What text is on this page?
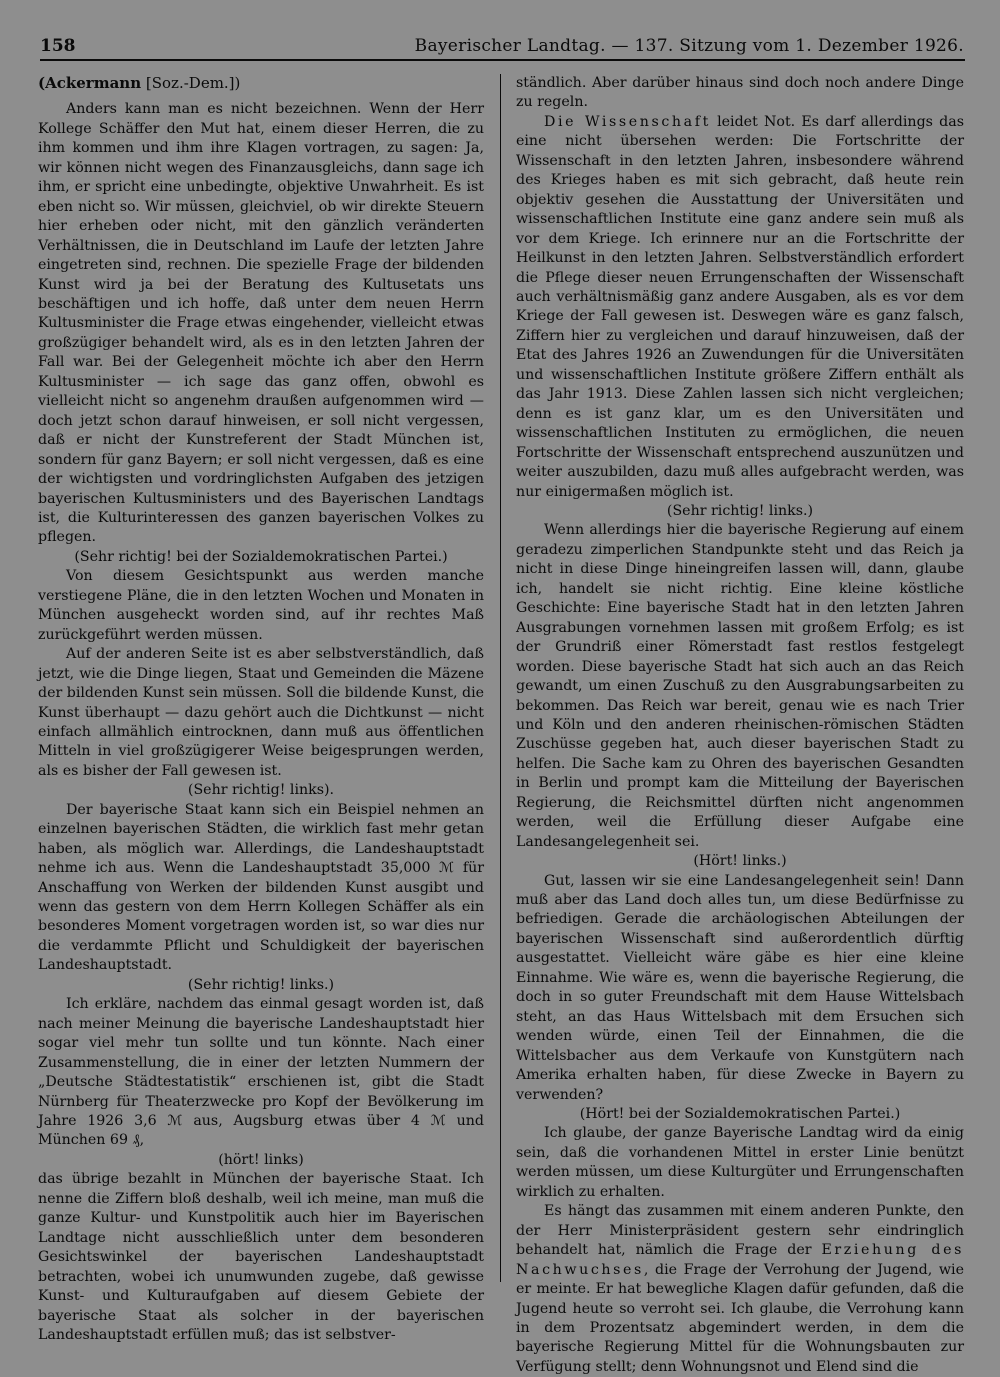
158	Bayerischer Landtag. — 137. Sitzung vom 1. Dezember 1926.

(Ackermann [Soz.-Dem.])

Anders kann man es nicht bezeichnen. Wenn der Herr Kollege Schäffer den Mut hat, einem dieser Herren, die zu ihm kommen und ihm ihre Klagen vortragen, zu sagen: Ja, wir können nicht wegen des Finanzausgleichs, dann sage ich ihm, er spricht eine unbedingte, objektive Unwahrheit. Es ist eben nicht so. Wir müssen, gleichviel, ob wir direkte Steuern hier erheben oder nicht, mit den gänzlich veränderten Verhältnissen, die in Deutschland im Laufe der letzten Jahre eingetreten sind, rechnen. Die spezielle Frage der bildenden Kunst wird ja bei der Beratung des Kultusetats uns beschäftigen und ich hoffe, daß unter dem neuen Herrn Kultusminister die Frage etwas eingehender, vielleicht etwas großzügiger behandelt wird, als es in den letzten Jahren der Fall war. Bei der Gelegenheit möchte ich aber den Herrn Kultusminister — ich sage das ganz offen, obwohl es vielleicht nicht so angenehm draußen aufgenommen wird — doch jetzt schon darauf hinweisen, er soll nicht vergessen, daß er nicht der Kunstreferent der Stadt München ist, sondern für ganz Bayern; er soll nicht vergessen, daß es eine der wichtigsten und vordringlichsten Aufgaben des jetzigen bayerischen Kultusministers und des Bayerischen Landtags ist, die Kulturinteressen des ganzen bayerischen Volkes zu pflegen.

(Sehr richtig! bei der Sozialdemokratischen Partei.)

Von diesem Gesichtspunkt aus werden manche verstiegene Pläne, die in den letzten Wochen und Monaten in München ausgeheckt worden sind, auf ihr rechtes Maß zurückgeführt werden müssen.

Auf der anderen Seite ist es aber selbstverständlich, daß jetzt, wie die Dinge liegen, Staat und Gemeinden die Mäzene der bildenden Kunst sein müssen. Soll die bildende Kunst, die Kunst überhaupt — dazu gehört auch die Dichtkunst — nicht einfach allmählich eintrocknen, dann muß aus öffentlichen Mitteln in viel großzügigerer Weise beigesprungen werden, als es bisher der Fall gewesen ist.

(Sehr richtig! links).

Der bayerische Staat kann sich ein Beispiel nehmen an einzelnen bayerischen Städten, die wirklich fast mehr getan haben, als möglich war. Allerdings, die Landeshauptstadt nehme ich aus. Wenn die Landeshauptstadt 35,000 ℳ für Anschaffung von Werken der bildenden Kunst ausgibt und wenn das gestern von dem Herrn Kollegen Schäffer als ein besonderes Moment vorgetragen worden ist, so war dies nur die verdammte Pflicht und Schuldigkeit der bayerischen Landeshauptstadt.

(Sehr richtig! links.)

Ich erkläre, nachdem das einmal gesagt worden ist, daß nach meiner Meinung die bayerische Landeshauptstadt hier sogar viel mehr tun sollte und tun könnte. Nach einer Zusammenstellung, die in einer der letzten Nummern der „Deutsche Städtestatistik“ erschienen ist, gibt die Stadt Nürnberg für Theaterzwecke pro Kopf der Bevölkerung im Jahre 1926 3,6 ℳ aus, Augsburg etwas über 4 ℳ und München 69 ₰,

(hört! links)

das übrige bezahlt in München der bayerische Staat. Ich nenne die Ziffern bloß deshalb, weil ich meine, man muß die ganze Kultur- und Kunstpolitik auch hier im Bayerischen Landtage nicht ausschließlich unter dem besonderen Gesichtswinkel der bayerischen Landeshauptstadt betrachten, wobei ich unumwunden zugebe, daß gewisse Kunst- und Kulturaufgaben auf diesem Gebiete der bayerische Staat als solcher in der bayerischen Landeshauptstadt erfüllen muß; das ist selbstver-

ständlich. Aber darüber hinaus sind doch noch andere Dinge zu regeln.

Die Wissenschaft leidet Not. Es darf allerdings das eine nicht übersehen werden: Die Fortschritte der Wissenschaft in den letzten Jahren, insbesondere während des Krieges haben es mit sich gebracht, daß heute rein objektiv gesehen die Ausstattung der Universitäten und wissenschaftlichen Institute eine ganz andere sein muß als vor dem Kriege. Ich erinnere nur an die Fortschritte der Heilkunst in den letzten Jahren. Selbstverständlich erfordert die Pflege dieser neuen Errungenschaften der Wissenschaft auch verhältnismäßig ganz andere Ausgaben, als es vor dem Kriege der Fall gewesen ist. Deswegen wäre es ganz falsch, Ziffern hier zu vergleichen und darauf hinzuweisen, daß der Etat des Jahres 1926 an Zuwendungen für die Universitäten und wissenschaftlichen Institute größere Ziffern enthält als das Jahr 1913. Diese Zahlen lassen sich nicht vergleichen; denn es ist ganz klar, um es den Universitäten und wissenschaftlichen Instituten zu ermöglichen, die neuen Fortschritte der Wissenschaft entsprechend auszunützen und weiter auszubilden, dazu muß alles aufgebracht werden, was nur einigermaßen möglich ist.

(Sehr richtig! links.)

Wenn allerdings hier die bayerische Regierung auf einem geradezu zimperlichen Standpunkte steht und das Reich ja nicht in diese Dinge hineingreifen lassen will, dann, glaube ich, handelt sie nicht richtig. Eine kleine köstliche Geschichte: Eine bayerische Stadt hat in den letzten Jahren Ausgrabungen vornehmen lassen mit großem Erfolg; es ist der Grundriß einer Römerstadt fast restlos festgelegt worden. Diese bayerische Stadt hat sich auch an das Reich gewandt, um einen Zuschuß zu den Ausgrabungsarbeiten zu bekommen. Das Reich war bereit, genau wie es nach Trier und Köln und den anderen rheinischen-römischen Städten Zuschüsse gegeben hat, auch dieser bayerischen Stadt zu helfen. Die Sache kam zu Ohren des bayerischen Gesandten in Berlin und prompt kam die Mitteilung der Bayerischen Regierung, die Reichsmittel dürften nicht angenommen werden, weil die Erfüllung dieser Aufgabe eine Landesangelegenheit sei.

(Hört! links.)

Gut, lassen wir sie eine Landesangelegenheit sein! Dann muß aber das Land doch alles tun, um diese Bedürfnisse zu befriedigen. Gerade die archäologischen Abteilungen der bayerischen Wissenschaft sind außerordentlich dürftig ausgestattet. Vielleicht wäre gäbe es hier eine kleine Einnahme. Wie wäre es, wenn die bayerische Regierung, die doch in so guter Freundschaft mit dem Hause Wittelsbach steht, an das Haus Wittelsbach mit dem Ersuchen sich wenden würde, einen Teil der Einnahmen, die die Wittelsbacher aus dem Verkaufe von Kunstgütern nach Amerika erhalten haben, für diese Zwecke in Bayern zu verwenden?

(Hört! bei der Sozialdemokratischen Partei.)

Ich glaube, der ganze Bayerische Landtag wird da einig sein, daß die vorhandenen Mittel in erster Linie benützt werden müssen, um diese Kulturgüter und Errungenschaften wirklich zu erhalten.

Es hängt das zusammen mit einem anderen Punkte, den der Herr Ministerpräsident gestern sehr eindringlich behandelt hat, nämlich die Frage der Erziehung des Nachwuchses, die Frage der Verrohung der Jugend, wie er meinte. Er hat bewegliche Klagen dafür gefunden, daß die Jugend heute so verroht sei. Ich glaube, die Verrohung kann in dem Prozentsatz abgemindert werden, in dem die bayerische Regierung Mittel für die Wohnungsbauten zur Verfügung stellt; denn Wohnungsnot und Elend sind die
